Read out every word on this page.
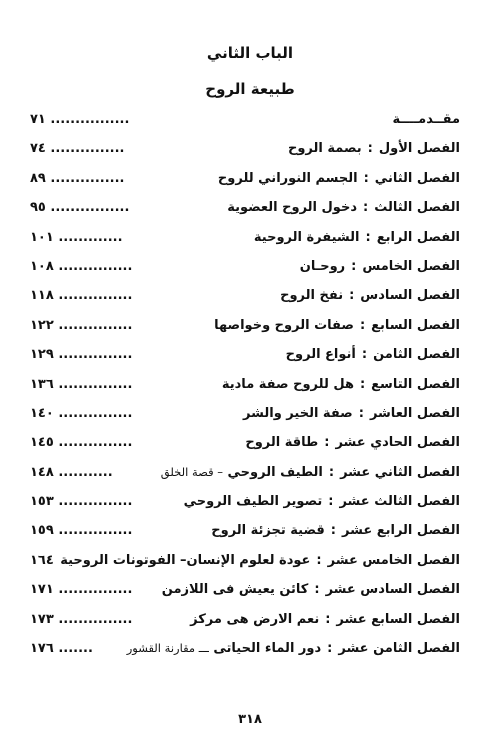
الباب الثاني
طبيعة الروح
مقــدمــــة
٧١ ................
الفصل الأول:بصمة الروح
٧٤ ...............
الفصل الثاني:الجسم النوراني للروح
٨٩ ...............
الفصل الثالث:دخول الروح العضوية
٩٥ ................
الفصل الرابع:الشيفرة الروحية
١٠١ .............
الفصل الخامس:روحـان
١٠٨ ...............
الفصل السادس:نفخ الروح
١١٨ ...............
الفصل السابع:صفات الروح وخواصها
١٢٢ ...............
الفصل الثامن:أنواع الروح
١٢٩ ...............
الفصل التاسع:هل للروح صفة مادية
١٣٦ ...............
الفصل العاشر:صفة الخير والشر
١٤٠ ...............
الفصل الحادي عشر:طاقة الروح
١٤٥ ...............
الفصل الثاني عشر:الطيف الروحي – قصة الخلق
١٤٨ ...........
الفصل الثالث عشر:تصوير الطيف الروحي
١٥٣ ...............
الفصل الرابع عشر:قضية تجزئة الروح
١٥٩ ...............
الفصل الخامس عشر:عودة لعلوم الإنسان– الفوتونات الروحية
١٦٤
الفصل السادس عشر:كائن يعيش فى اللازمن
١٧١ ...............
الفصل السابع عشر:نعم الارض هى مركز
١٧٣ ...............
الفصل الثامن عشر:دور الماء الحياتى ـــ مقارنة القشور
١٧٦ .......
٣١٨
